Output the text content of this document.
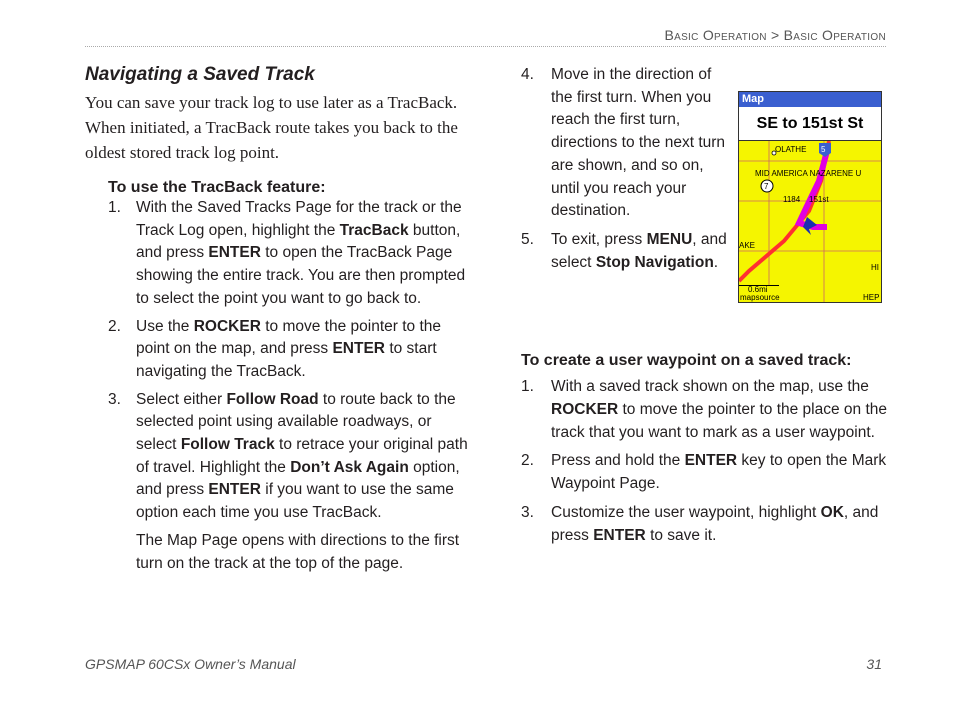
Basic Operation > Basic Operation
Navigating a Saved Track

You can save your track log to use later as a TracBack. When initiated, a TracBack route takes you back to the oldest stored track log point.

To use the TracBack feature:
1. With the Saved Tracks Page for the track or the Track Log open, highlight the TracBack button, and press ENTER to open the TracBack Page showing the entire track. You are then prompted to select the point you want to go back to.
2. Use the ROCKER to move the pointer to the point on the map, and press ENTER to start navigating the TracBack.
3. Select either Follow Road to route back to the selected point using available roadways, or select Follow Track to retrace your original path of travel. Highlight the Don’t Ask Again option, and press ENTER if you want to use the same option each time you use TracBack.
The Map Page opens with directions to the first turn on the track at the top of the page.
4. Move in the direction of the first turn. When you reach the first turn, directions to the next turn are shown, and so on, until you reach your destination.
5. To exit, press MENU, and select Stop Navigation.
Map
SE to 151st St
OLATHE 5
MID AMERICA NAZARENE U
7
1184 151st
AKE
HI
HEP
0.6mi
mapsource
To create a user waypoint on a saved track:
1. With a saved track shown on the map, use the ROCKER to move the pointer to the place on the track that you want to mark as a user waypoint.
2. Press and hold the ENTER key to open the Mark Waypoint Page.
3. Customize the user waypoint, highlight OK, and press ENTER to save it.
GPSMAP 60CSx Owner’s Manual	31
